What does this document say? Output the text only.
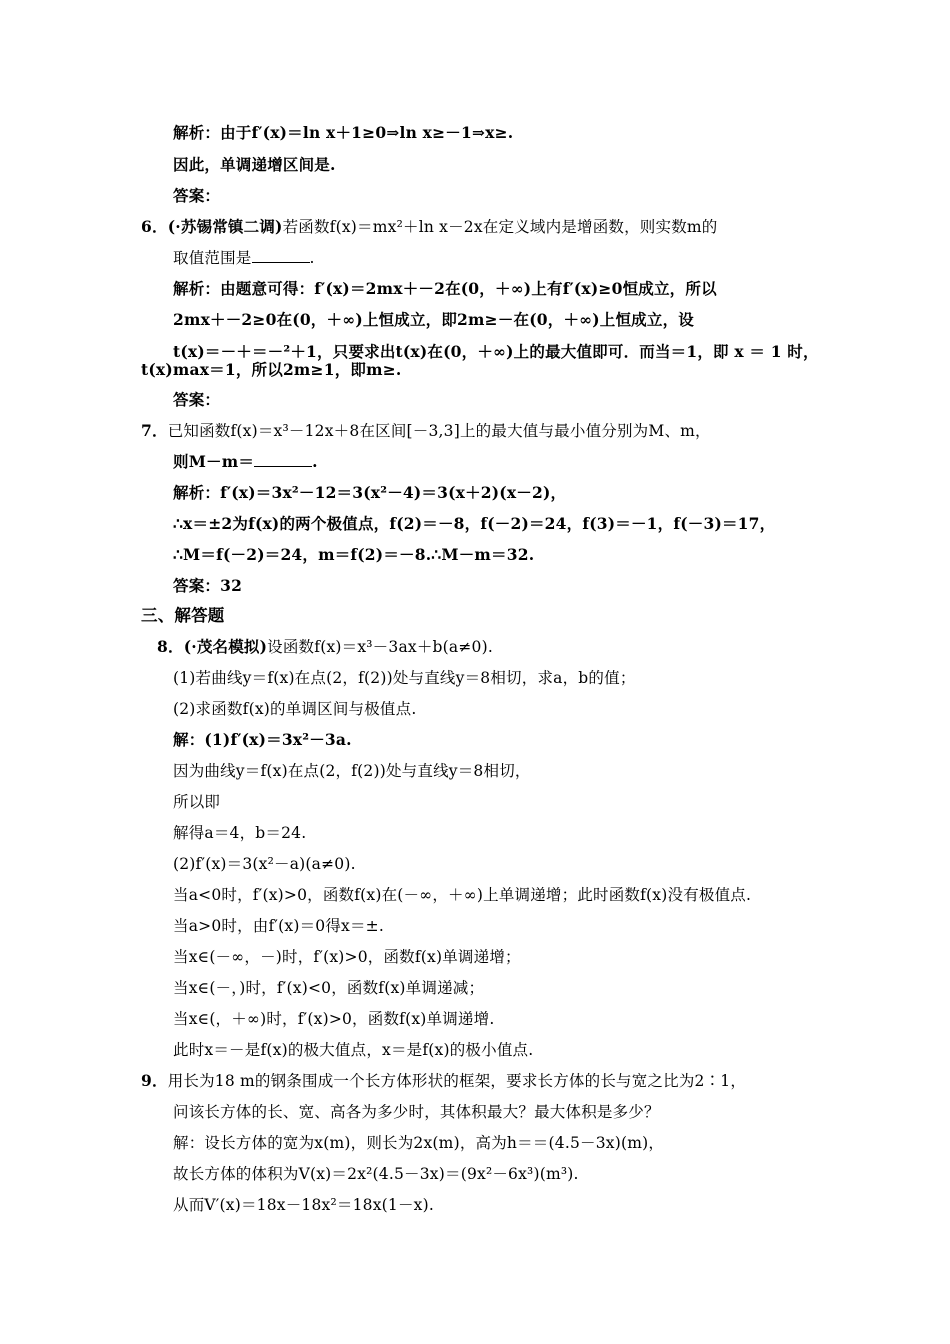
解析：由于f′(x)＝ln x＋1≥0⇒ln x≥－1⇒x≥.
因此，单调递增区间是.
答案：
6．(·苏锡常镇二调)若函数f(x)＝mx²＋ln x－2x在定义域内是增函数，则实数m的
取值范围是	.
解析：由题意可得：f′(x)＝2mx＋－2在(0，＋∞)上有f′(x)≥0恒成立，所以
2mx＋－2≥0在(0，＋∞)上恒成立，即2m≥－在(0，＋∞)上恒成立，设
t(x)＝－＋＝－²＋1，只要求出t(x)在(0，＋∞)上的最大值即可．而当＝1，即 x ＝ 1 时，
t(x)max＝1，所以2m≥1，即m≥.
答案：
7．已知函数f(x)＝x³－12x＋8在区间[－3,3]上的最大值与最小值分别为M、m，
则M－m＝	.
解析：f′(x)＝3x²－12＝3(x²－4)＝3(x＋2)(x－2)，
∴x＝±2为f(x)的两个极值点，f(2)＝－8，f(－2)＝24，f(3)＝－1，f(－3)＝17，
∴M＝f(－2)＝24，m＝f(2)＝－8.∴M－m＝32.
答案：32
三、解答题
8．(·茂名模拟)设函数f(x)＝x³－3ax＋b(a≠0).
(1)若曲线y＝f(x)在点(2，f(2))处与直线y＝8相切，求a，b的值；
(2)求函数f(x)的单调区间与极值点.
解：(1)f′(x)＝3x²－3a.
因为曲线y＝f(x)在点(2，f(2))处与直线y＝8相切，
所以即
解得a＝4，b＝24.
(2)f′(x)＝3(x²－a)(a≠0).
当a<0时，f′(x)>0，函数f(x)在(－∞，＋∞)上单调递增；此时函数f(x)没有极值点.
当a>0时，由f′(x)＝0得x＝±.
当x∈(－∞，－)时，f′(x)>0，函数f(x)单调递增；
当x∈(－，)时，f′(x)<0，函数f(x)单调递减；
当x∈(，＋∞)时，f′(x)>0，函数f(x)单调递增.
此时x＝－是f(x)的极大值点，x＝是f(x)的极小值点.
9．用长为18 m的钢条围成一个长方体形状的框架，要求长方体的长与宽之比为2∶1，
问该长方体的长、宽、高各为多少时，其体积最大？最大体积是多少？
解：设长方体的宽为x(m)，则长为2x(m)，高为h＝＝(4.5－3x)(m)，
故长方体的体积为V(x)＝2x²(4.5－3x)＝(9x²－6x³)(m³).
从而V′(x)＝18x－18x²＝18x(1－x).
